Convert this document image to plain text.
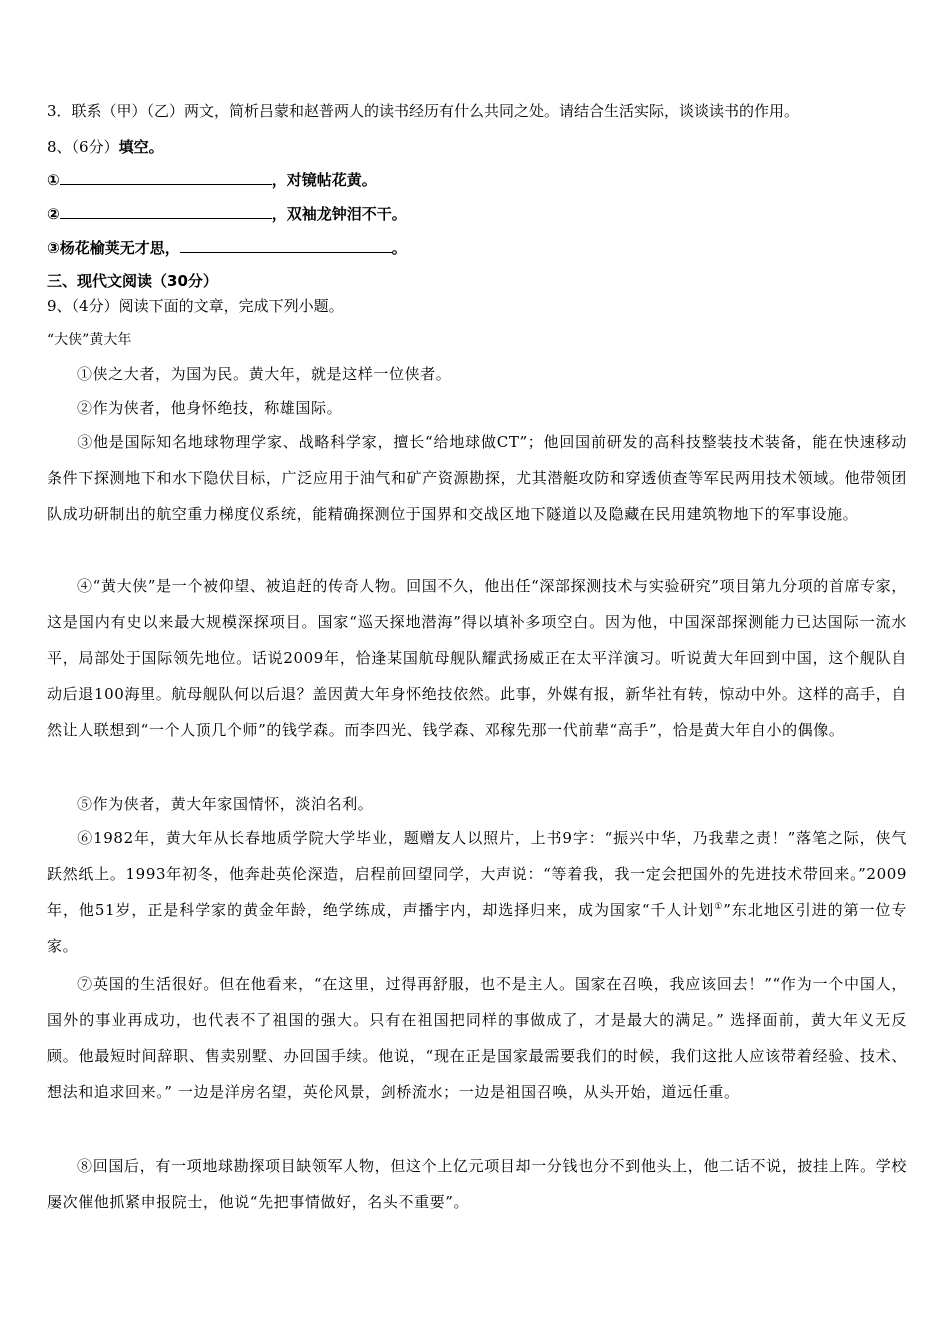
3．联系（甲）（乙）两文，简析吕蒙和赵普两人的读书经历有什么共同之处。请结合生活实际，谈谈读书的作用。
8、（6分）填空。
①	，对镜帖花黄。
②	，双袖龙钟泪不干。
③杨花榆荚无才思，	。
三、现代文阅读（30分）
9、（4分）阅读下面的文章，完成下列小题。
“大侠”黄大年
①侠之大者，为国为民。黄大年，就是这样一位侠者。
②作为侠者，他身怀绝技，称雄国际。
③他是国际知名地球物理学家、战略科学家，擅长“给地球做CT”；他回国前研发的高科技整装技术装备，能在快速移动条件下探测地下和水下隐伏目标，广泛应用于油气和矿产资源勘探，尤其潜艇攻防和穿透侦查等军民两用技术领域。他带领团队成功研制出的航空重力梯度仪系统，能精确探测位于国界和交战区地下隧道以及隐藏在民用建筑物地下的军事设施。
④“黄大侠”是一个被仰望、被追赶的传奇人物。回国不久，他出任“深部探测技术与实验研究”项目第九分项的首席专家，这是国内有史以来最大规模深探项目。国家“巡天探地潜海”得以填补多项空白。因为他，中国深部探测能力已达国际一流水平，局部处于国际领先地位。话说2009年，恰逢某国航母舰队耀武扬威正在太平洋演习。听说黄大年回到中国，这个舰队自动后退100海里。航母舰队何以后退？盖因黄大年身怀绝技依然。此事，外媒有报，新华社有转，惊动中外。这样的高手，自然让人联想到“一个人顶几个师”的钱学森。而李四光、钱学森、邓稼先那一代前辈“高手”，恰是黄大年自小的偶像。
⑤作为侠者，黄大年家国情怀，淡泊名利。
⑥1982年，黄大年从长春地质学院大学毕业，题赠友人以照片，上书9字：“振兴中华，乃我辈之责！”落笔之际，侠气跃然纸上。1993年初冬，他奔赴英伦深造，启程前回望同学，大声说：“等着我，我一定会把国外的先进技术带回来。”2009年，他51岁，正是科学家的黄金年龄，绝学练成，声播宇内，却选择归来，成为国家“千人计划①”东北地区引进的第一位专家。
⑦英国的生活很好。但在他看来，“在这里，过得再舒服，也不是主人。国家在召唤，我应该回去！”“作为一个中国人，国外的事业再成功，也代表不了祖国的强大。只有在祖国把同样的事做成了，才是最大的满足。” 选择面前，黄大年义无反顾。他最短时间辞职、售卖别墅、办回国手续。他说，“现在正是国家最需要我们的时候，我们这批人应该带着经验、技术、想法和追求回来。” 一边是洋房名望，英伦风景，剑桥流水；一边是祖国召唤，从头开始，道远任重。
⑧回国后，有一项地球勘探项目缺领军人物，但这个上亿元项目却一分钱也分不到他头上，他二话不说，披挂上阵。学校屡次催他抓紧申报院士，他说“先把事情做好，名头不重要”。
